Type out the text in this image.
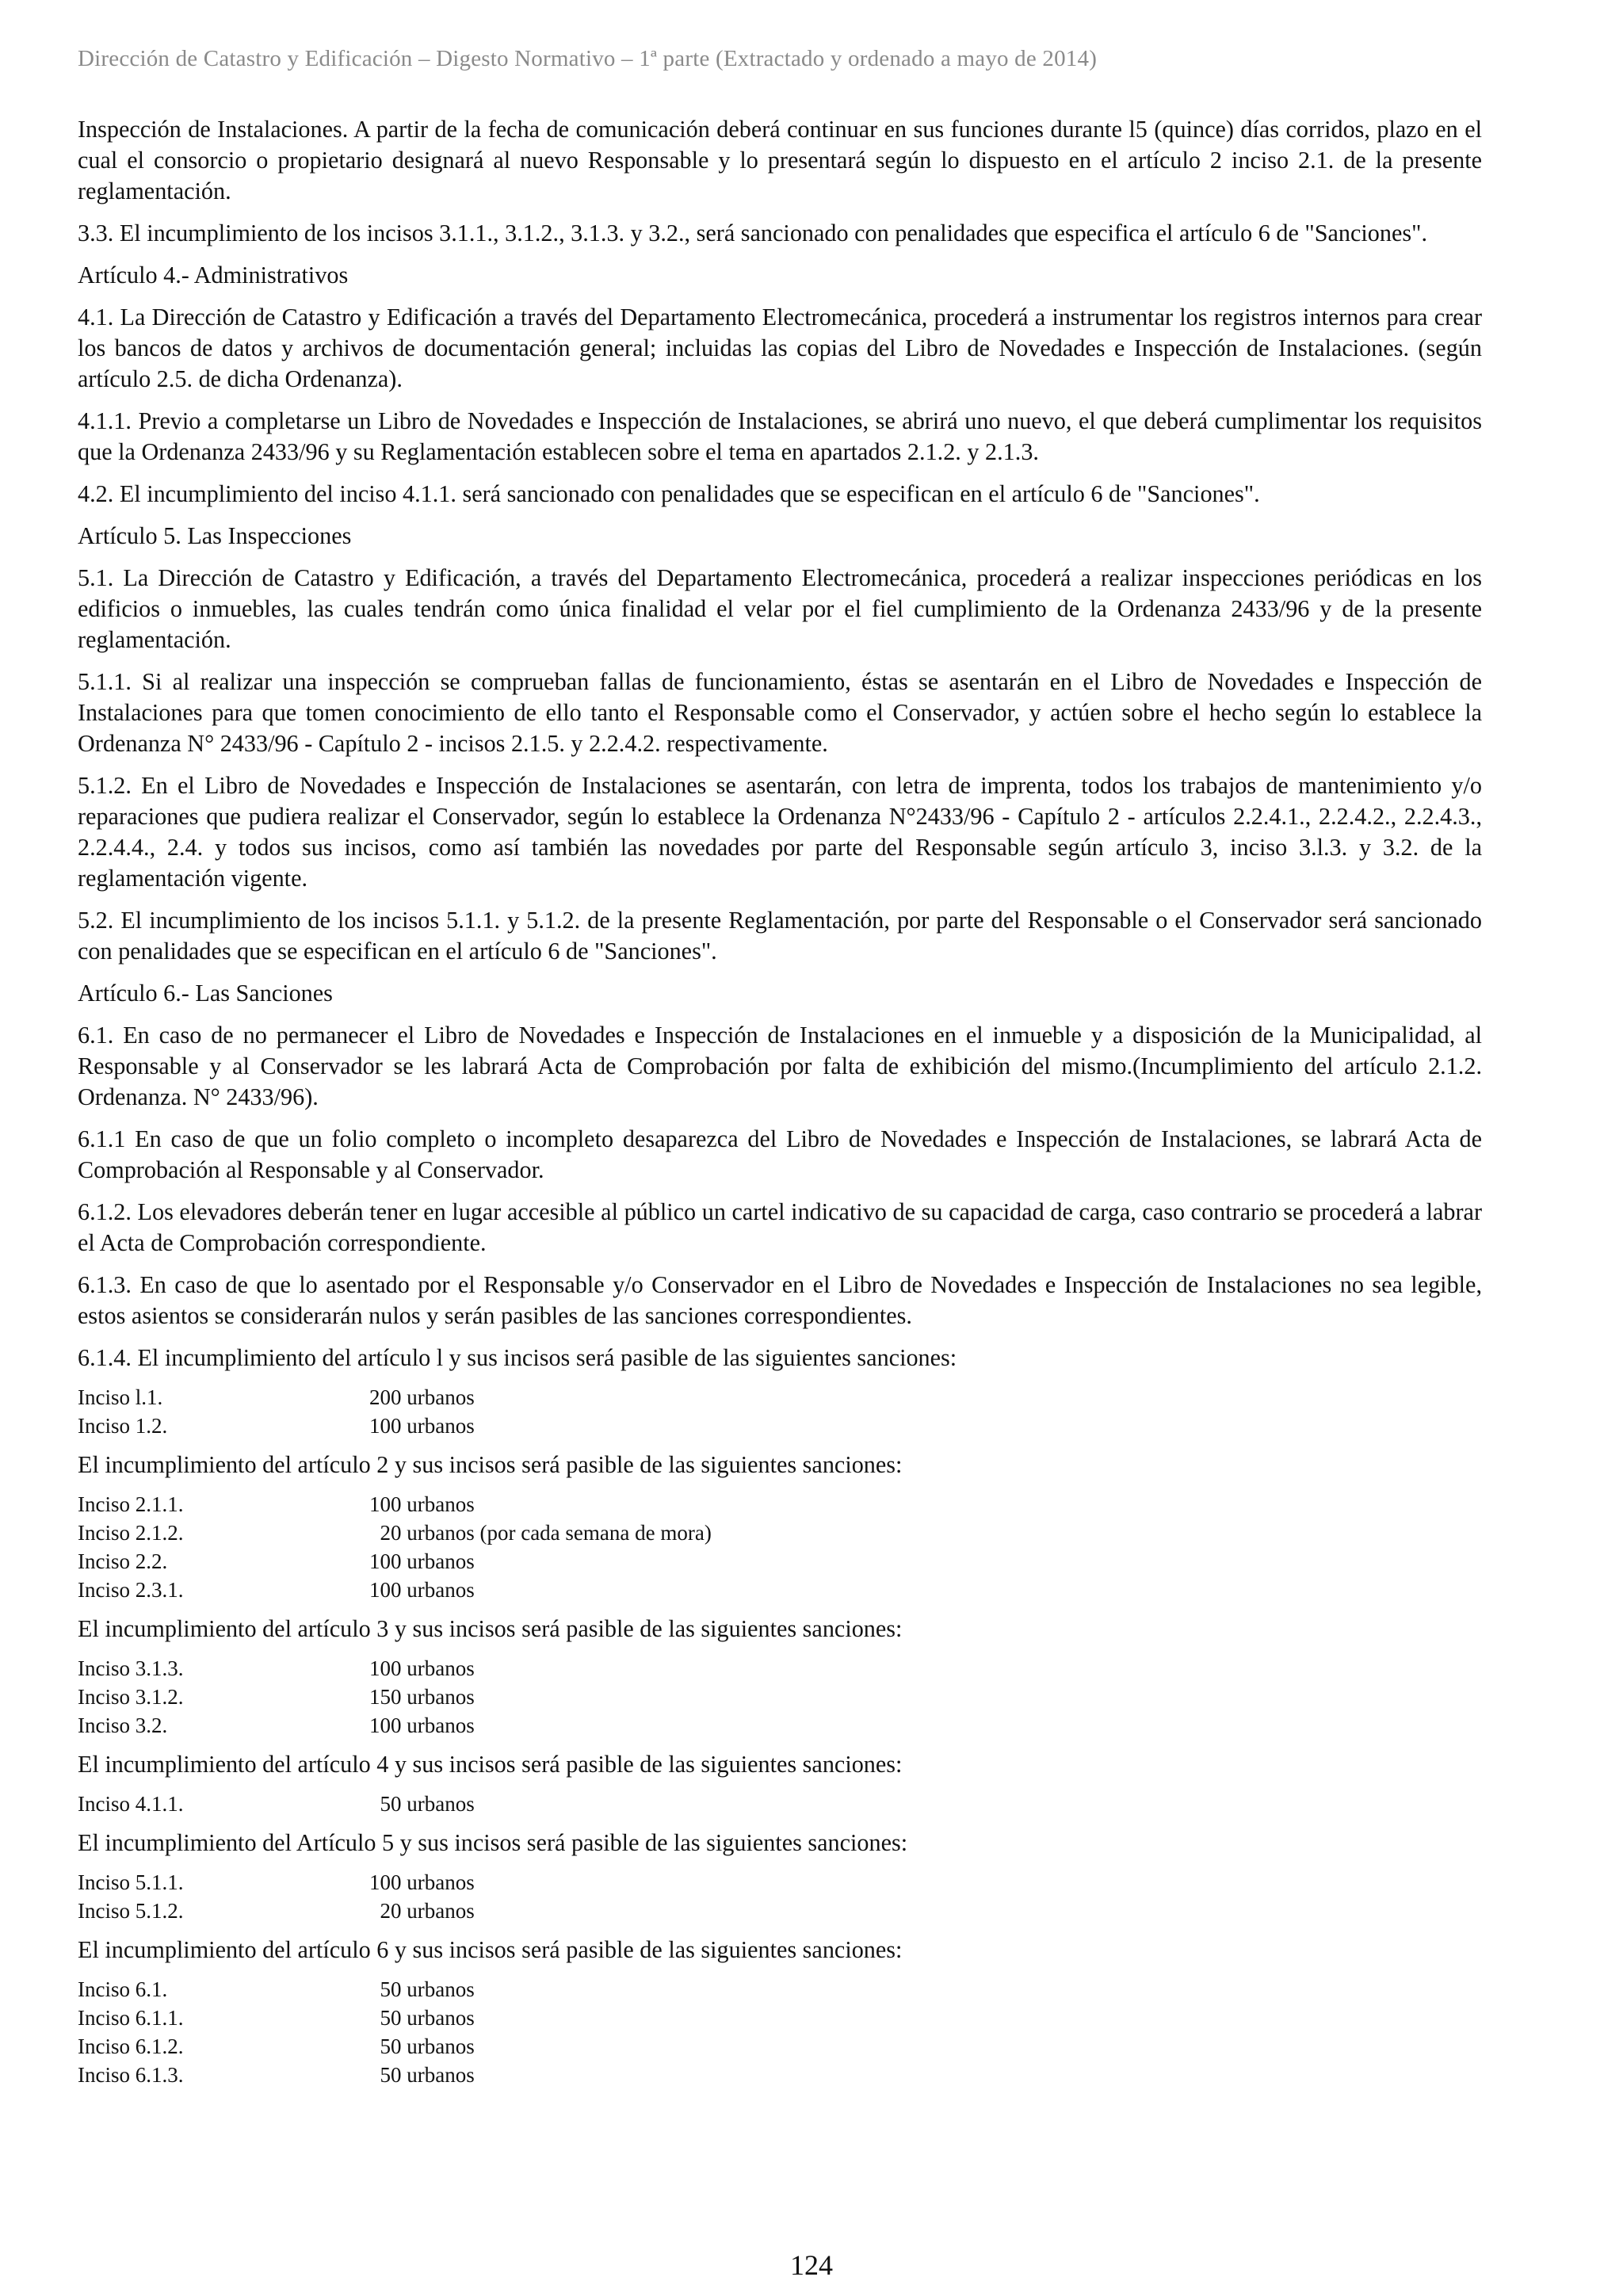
Dirección de Catastro y Edificación – Digesto Normativo – 1ª parte (Extractado y ordenado a mayo de 2014)

Inspección de Instalaciones. A partir de la fecha de comunicación deberá continuar en sus funciones durante l5 (quince) días corridos, plazo en el cual el consorcio o propietario designará al nuevo Responsable y lo presentará según lo dispuesto en el artículo 2 inciso 2.1. de la presente reglamentación.

3.3. El incumplimiento de los incisos 3.1.1., 3.1.2., 3.1.3. y 3.2., será sancionado con penalidades que especifica el artículo 6 de "Sanciones".

Artículo 4.- Administrativos

4.1. La Dirección de Catastro y Edificación a través del Departamento Electromecánica, procederá a instrumentar los registros internos para crear los bancos de datos y archivos de documentación general; incluidas las copias del Libro de Novedades e Inspección de Instalaciones. (según artículo 2.5. de dicha Ordenanza).

4.1.1. Previo a completarse un Libro de Novedades e Inspección de Instalaciones, se abrirá uno nuevo, el que deberá cumplimentar los requisitos que la Ordenanza 2433/96 y su Reglamentación establecen sobre el tema en apartados 2.1.2. y 2.1.3.

4.2. El incumplimiento del inciso 4.1.1. será sancionado con penalidades que se especifican en el artículo 6 de "Sanciones".

Artículo 5. Las Inspecciones

5.1. La Dirección de Catastro y Edificación, a través del Departamento Electromecánica, procederá a realizar inspecciones periódicas en los edificios o inmuebles, las cuales tendrán como única finalidad el velar por el fiel cumplimiento de la Ordenanza 2433/96 y de la presente reglamentación.

5.1.1. Si al realizar una inspección se comprueban fallas de funcionamiento, éstas se asentarán en el Libro de Novedades e Inspección de Instalaciones para que tomen conocimiento de ello tanto el Responsable como el Conservador, y actúen sobre el hecho según lo establece la Ordenanza N° 2433/96 - Capítulo 2 - incisos 2.1.5. y 2.2.4.2. respectivamente.

5.1.2. En el Libro de Novedades e Inspección de Instalaciones se asentarán, con letra de imprenta, todos los trabajos de mantenimiento y/o reparaciones que pudiera realizar el Conservador, según lo establece la Ordenanza N°2433/96 - Capítulo 2 - artículos 2.2.4.1., 2.2.4.2., 2.2.4.3., 2.2.4.4., 2.4. y todos sus incisos, como así también las novedades por parte del Responsable según artículo 3, inciso 3.l.3. y 3.2. de la reglamentación vigente.

5.2. El incumplimiento de los incisos 5.1.1. y 5.1.2. de la presente Reglamentación, por parte del Responsable o el Conservador será sancionado con penalidades que se especifican en el artículo 6 de "Sanciones".

Artículo 6.- Las Sanciones

6.1. En caso de no permanecer el Libro de Novedades e Inspección de Instalaciones en el inmueble y a disposición de la Municipalidad, al Responsable y al Conservador se les labrará Acta de Comprobación por falta de exhibición del mismo.(Incumplimiento del artículo 2.1.2. Ordenanza. N° 2433/96).

6.1.1 En caso de que un folio completo o incompleto desaparezca del Libro de Novedades e Inspección de Instalaciones, se labrará Acta de Comprobación al Responsable y al Conservador.

6.1.2. Los elevadores deberán tener en lugar accesible al público un cartel indicativo de su capacidad de carga, caso contrario se procederá a labrar el Acta de Comprobación correspondiente.

6.1.3. En caso de que lo asentado por el Responsable y/o Conservador en el Libro de Novedades e Inspección de Instalaciones no sea legible, estos asientos se considerarán nulos y serán pasibles de las sanciones correspondientes.

6.1.4. El incumplimiento del artículo l y sus incisos será pasible de las siguientes sanciones:

Inciso l.1.	200 urbanos
Inciso 1.2.	100 urbanos

El incumplimiento del artículo 2 y sus incisos será pasible de las siguientes sanciones:

Inciso 2.1.1.	100 urbanos
Inciso 2.1.2.	20 urbanos (por cada semana de mora)
Inciso 2.2.	100 urbanos
Inciso 2.3.1.	100 urbanos

El incumplimiento del artículo 3 y sus incisos será pasible de las siguientes sanciones:

Inciso 3.1.3.	100 urbanos
Inciso 3.1.2.	150 urbanos
Inciso 3.2.	100 urbanos

El incumplimiento del artículo 4 y sus incisos será pasible de las siguientes sanciones:

Inciso 4.1.1.	50 urbanos

El incumplimiento del Artículo 5 y sus incisos será pasible de las siguientes sanciones:

Inciso 5.1.1.	100 urbanos
Inciso 5.1.2.	20 urbanos

El incumplimiento del artículo 6 y sus incisos será pasible de las siguientes sanciones:

Inciso 6.1.	50 urbanos
Inciso 6.1.1.	50 urbanos
Inciso 6.1.2.	50 urbanos
Inciso 6.1.3.	50 urbanos
124
